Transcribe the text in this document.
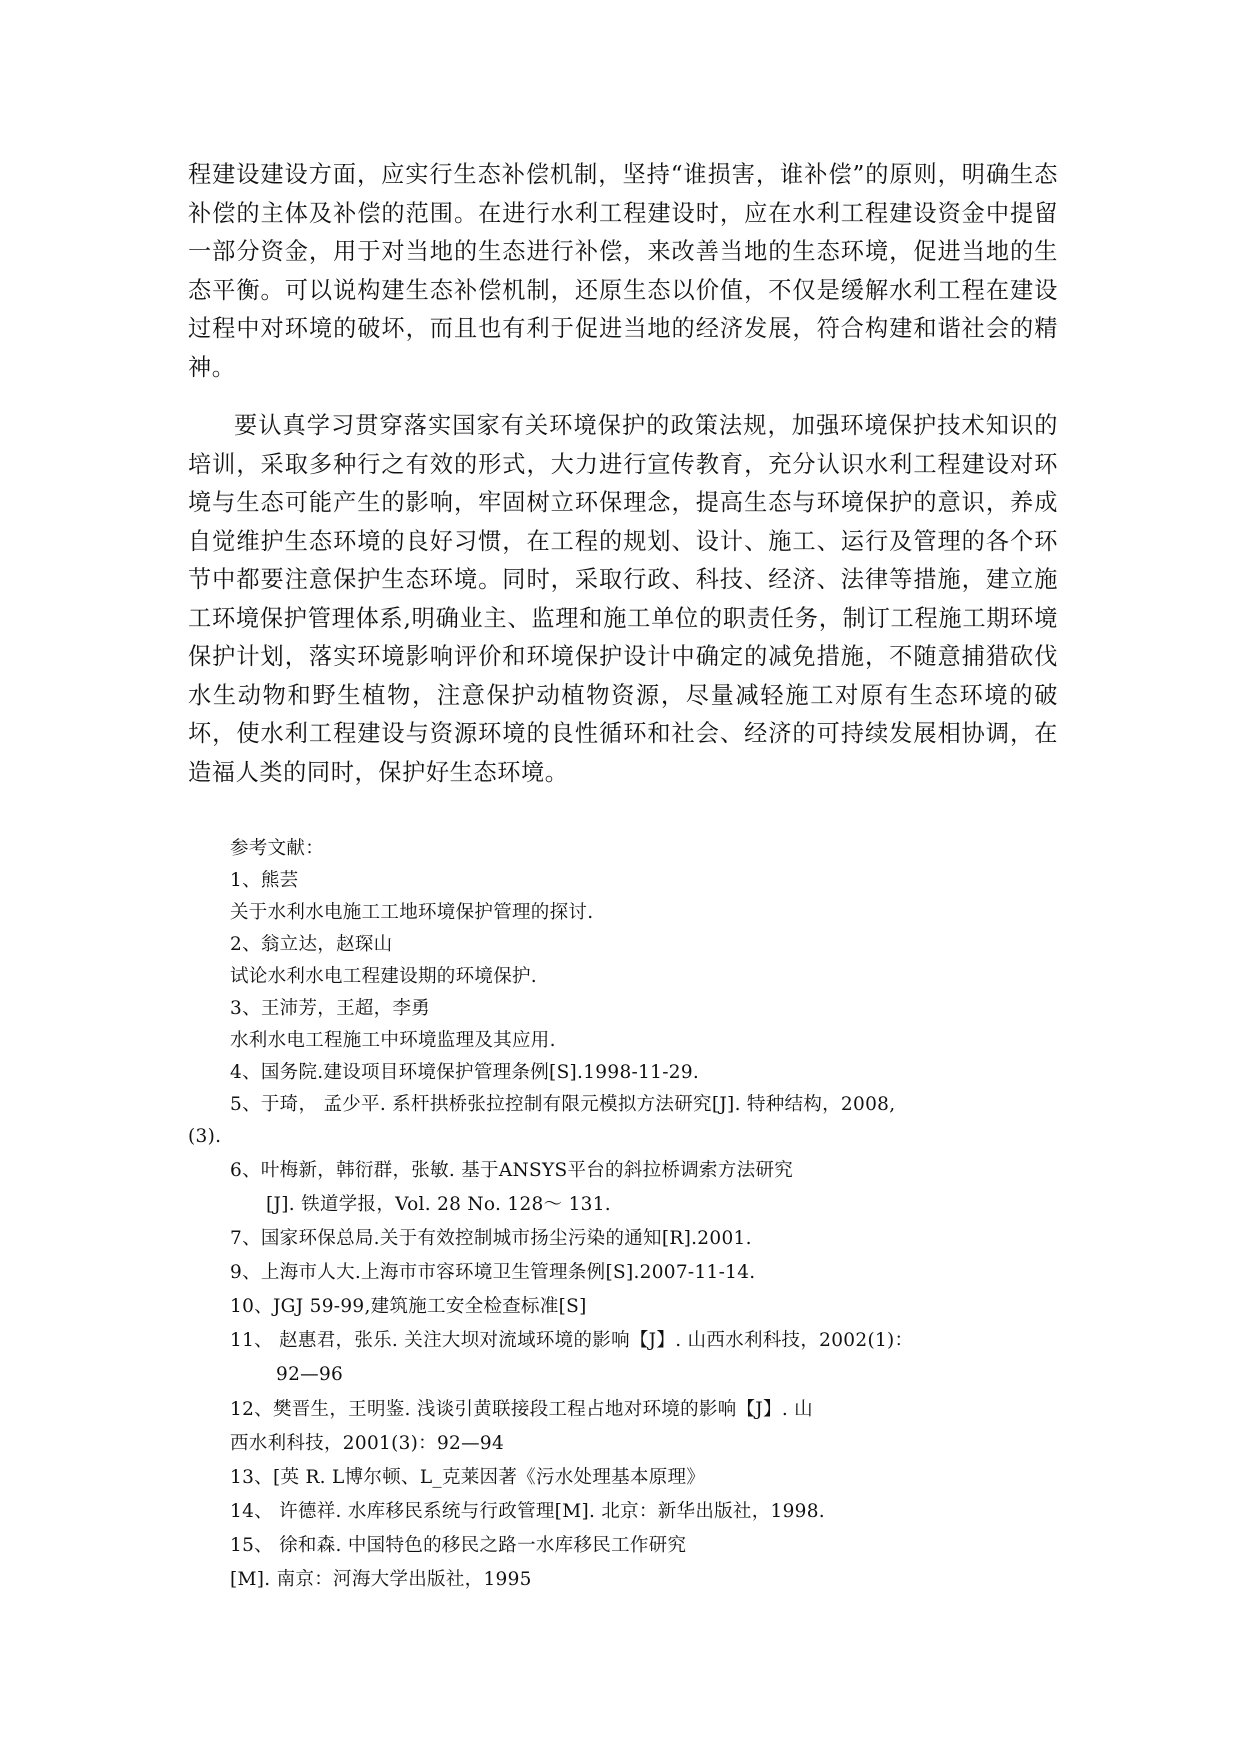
程建设建设方面，应实行生态补偿机制，坚持“谁损害，谁补偿”的原则，明确生态补偿的主体及补偿的范围。在进行水利工程建设时，应在水利工程建设资金中提留一部分资金，用于对当地的生态进行补偿，来改善当地的生态环境，促进当地的生态平衡。可以说构建生态补偿机制，还原生态以价值，不仅是缓解水利工程在建设过程中对环境的破坏，而且也有利于促进当地的经济发展，符合构建和谐社会的精神。

要认真学习贯穿落实国家有关环境保护的政策法规，加强环境保护技术知识的培训，采取多种行之有效的形式，大力进行宣传教育，充分认识水利工程建设对环境与生态可能产生的影响，牢固树立环保理念，提高生态与环境保护的意识，养成自觉维护生态环境的良好习惯，在工程的规划、设计、施工、运行及管理的各个环节中都要注意保护生态环境。同时，采取行政、科技、经济、法律等措施，建立施工环境保护管理体系,明确业主、监理和施工单位的职责任务，制订工程施工期环境保护计划，落实环境影响评价和环境保护设计中确定的减免措施，不随意捕猎砍伐水生动物和野生植物，注意保护动植物资源，尽量减轻施工对原有生态环境的破坏，使水利工程建设与资源环境的良性循环和社会、经济的可持续发展相协调，在造福人类的同时，保护好生态环境。

参考文献：

1、熊芸

关于水利水电施工工地环境保护管理的探讨.

2、翁立达，赵琛山

试论水利水电工程建设期的环境保护.

3、王沛芳，王超，李勇

水利水电工程施工中环境监理及其应用.

4、国务院.建设项目环境保护管理条例[S].1998-11-29.

5、于琦， 孟少平. 系杆拱桥张拉控制有限元模拟方法研究[J]. 特种结构，2008,

(3).

6、叶梅新，韩衍群，张敏. 基于ANSYS平台的斜拉桥调索方法研究

[J]. 铁道学报，Vol. 28 No. 128～ 131.

7、国家环保总局.关于有效控制城市扬尘污染的通知[R].2001.

9、上海市人大.上海市市容环境卫生管理条例[S].2007-11-14.

10、JGJ 59-99,建筑施工安全检查标准[S]

11、 赵惠君，张乐. 关注大坝对流域环境的影响【J】. 山西水利科技，2002(1)：

92—96

12、樊晋生，王明鉴. 浅谈引黄联接段工程占地对环境的影响【J】. 山

西水利科技，2001(3)：92—94

13、[英 R. L博尔顿、L_克莱因著《污水处理基本原理》

14、 许德祥. 水库移民系统与行政管理[M]. 北京：新华出版社，1998.

15、 徐和森. 中国特色的移民之路一水库移民工作研究

[M]. 南京：河海大学出版社，1995
